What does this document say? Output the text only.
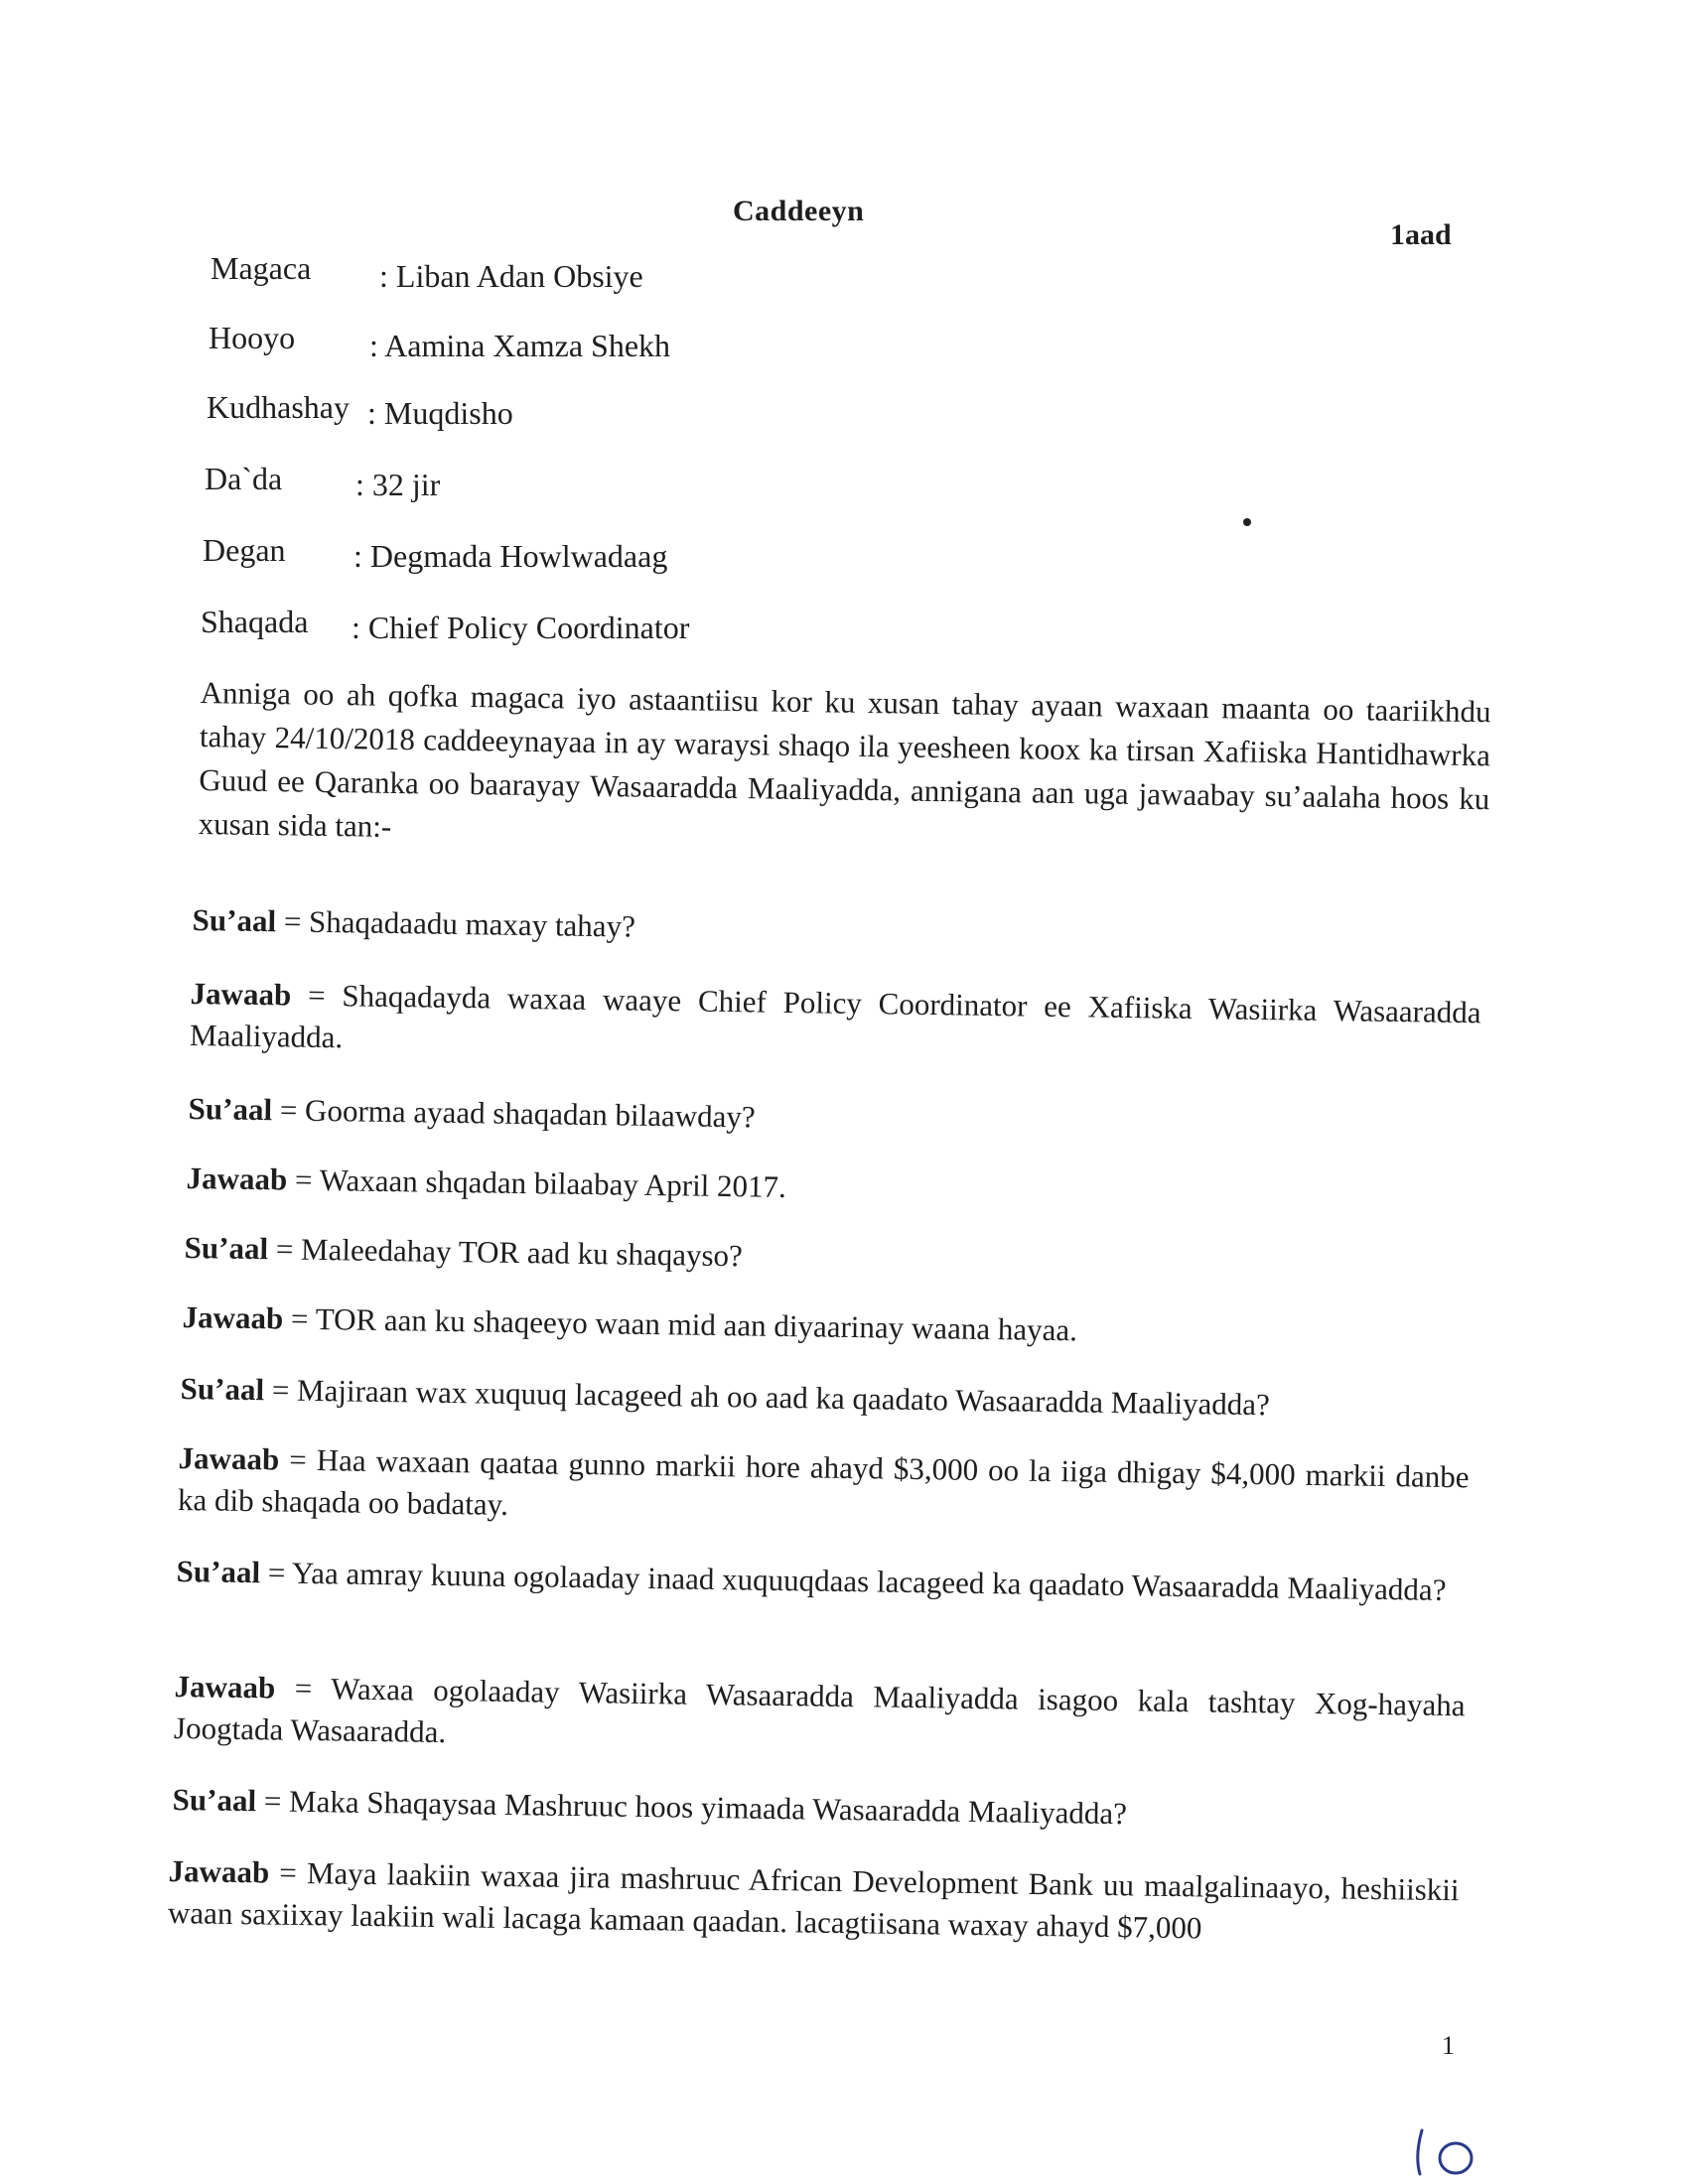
Caddeeyn
1aad
Magaca : Liban Adan Obsiye
Hooyo : Aamina Xamza Shekh
Kudhashay : Muqdisho
Da`da : 32 jir
Degan : Degmada Howlwadaag
Shaqada : Chief Policy Coordinator
Anniga oo ah qofka magaca iyo astaantiisu kor ku xusan tahay ayaan waxaan maanta oo taariikhdu tahay 24/10/2018 caddeeynayaa in ay waraysi shaqo ila yeesheen koox ka tirsan Xafiiska Hantidhawrka Guud ee Qaranka oo baarayay Wasaaradda Maaliyadda, annigana aan uga jawaabay su’aalaha hoos ku xusan sida tan:-
Su’aal = Shaqadaadu maxay tahay?
Jawaab = Shaqadayda waxaa waaye Chief Policy Coordinator ee Xafiiska Wasiirka Wasaaradda Maaliyadda.
Su’aal = Goorma ayaad shaqadan bilaawday?
Jawaab = Waxaan shqadan bilaabay April 2017.
Su’aal = Maleedahay TOR aad ku shaqayso?
Jawaab = TOR aan ku shaqeeyo waan mid aan diyaarinay waana hayaa.
Su’aal = Majiraan wax xuquuq lacageed ah oo aad ka qaadato Wasaaradda Maaliyadda?
Jawaab = Haa waxaan qaataa gunno markii hore ahayd $3,000 oo la iiga dhigay $4,000 markii danbe ka dib shaqada oo badatay.
Su’aal = Yaa amray kuuna ogolaaday inaad xuquuqdaas lacageed ka qaadato Wasaaradda Maaliyadda?
Jawaab = Waxaa ogolaaday Wasiirka Wasaaradda Maaliyadda isagoo kala tashtay Xog-hayaha Joogtada Wasaaradda.
Su’aal = Maka Shaqaysaa Mashruuc hoos yimaada Wasaaradda Maaliyadda?
Jawaab = Maya laakiin waxaa jira mashruuc African Development Bank uu maalgalinaayo, heshiiskii waan saxiixay laakiin wali lacaga kamaan qaadan. lacagtiisana waxay ahayd $7,000
1
